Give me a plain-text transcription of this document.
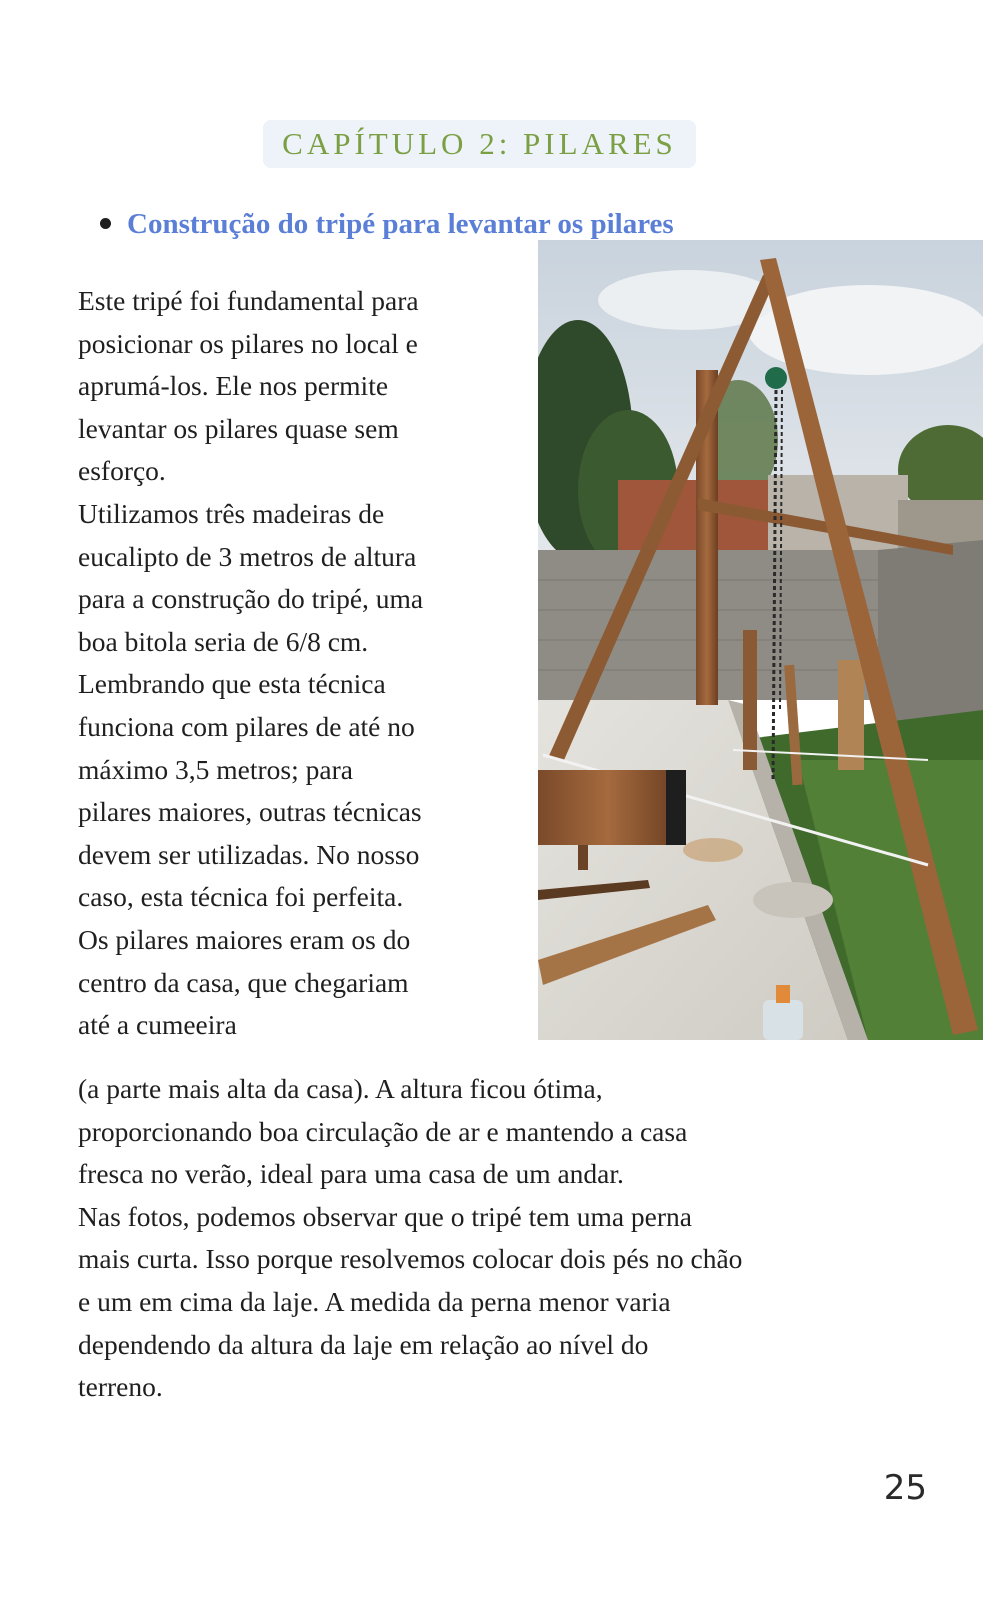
CAPÍTULO 2: PILARES
Construção do tripé para levantar os pilares
Este tripé foi fundamental para
posicionar os pilares no local e
aprumá-los. Ele nos permite
levantar os pilares quase sem
esforço.
Utilizamos três madeiras de
eucalipto de 3 metros de altura
para a construção do tripé, uma
boa bitola seria de 6/8 cm.
Lembrando que esta técnica
funciona com pilares de até no
máximo 3,5 metros; para
pilares maiores, outras técnicas
devem ser utilizadas. No nosso
caso, esta técnica foi perfeita.
Os pilares maiores eram os do
centro da casa, que chegariam
até a cumeeira
(a parte mais alta da casa). A altura ficou ótima,
proporcionando boa circulação de ar e mantendo a casa
fresca no verão, ideal para uma casa de um andar.
Nas fotos, podemos observar que o tripé tem uma perna
mais curta. Isso porque resolvemos colocar dois pés no chão
e um em cima da laje. A medida da perna menor varia
dependendo da altura da laje em relação ao nível do
terreno.
25
